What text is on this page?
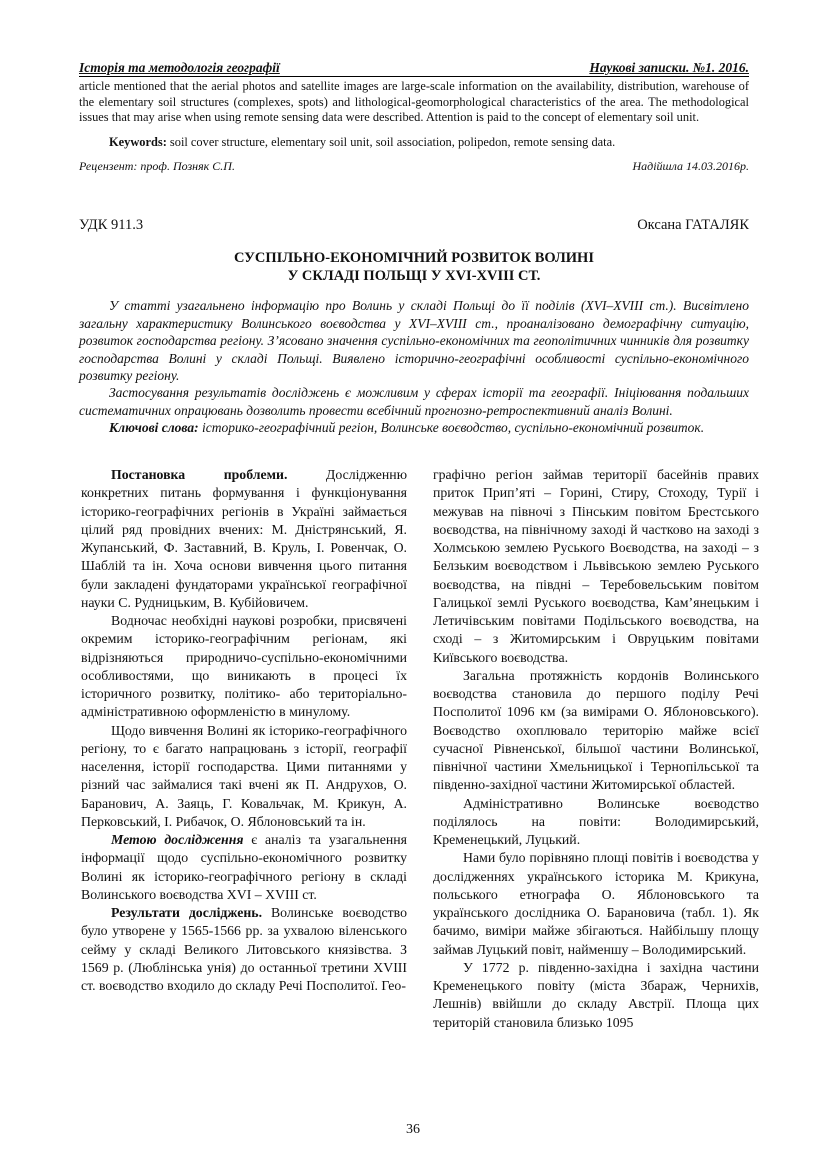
Історія та методологія географії	Наукові записки. №1. 2016.

article mentioned that the aerial photos and satellite images are large-scale information on the availability, distribution, warehouse of the elementary soil structures (complexes, spots) and lithological-geomorphological characteristics of the area. The methodological issues that may arise when using remote sensing data were described. Attention is paid to the concept of elementary soil unit.

Keywords: soil cover structure, elementary soil unit, soil association, polipedon, remote sensing data.

Рецензент: проф. Позняк С.П.	Надійшла 14.03.2016р.
УДК 911.3	Оксана ГАТАЛЯК
СУСПІЛЬНО-ЕКОНОМІЧНИЙ РОЗВИТОК ВОЛИНІ
У СКЛАДІ ПОЛЬЩІ У XVI-XVIII СТ.

У статті узагальнено інформацію про Волинь у складі Польщі до її поділів (XVI–XVIII ст.). Висвітлено загальну характеристику Волинського воєводства у XVI–XVIII ст., проаналізовано демографічну ситуацію, розвиток господарства регіону. З’ясовано значення суспільно-економічних та геополітичних чинників для розвитку господарства Волині у складі Польщі. Виявлено історично-географічні особливості суспільно-економічного розвитку регіону.

Застосування результатів досліджень є можливим у сферах історії та географії. Ініціювання подальших систематичних опрацювань дозволить провести всебічний прогнозно-ретроспективний аналіз Волині.

Ключові слова: історико-географічний регіон, Волинське воєводство, суспільно-економічний розвиток.

Постановка проблеми. Дослідженню конкретних питань формування і функціонування історико-географічних регіонів в Україні займається цілий ряд провідних вчених: М. Дністрянський, Я. Жупанський, Ф. Заставний, В. Круль, І. Ровенчак, О. Шаблій та ін. Хоча основи вивчення цього питання були закладені фундаторами української географічної науки С. Рудницьким, В. Кубійовичем.

Водночас необхідні наукові розробки, присвячені окремим історико-географічним регіонам, які відрізняються природничо-суспільно-економічними особливостями, що виникають в процесі їх історичного розвитку, політико- або територіально-адміністративною оформленістю в минулому.

Щодо вивчення Волині як історико-географічного регіону, то є багато напрацювань з історії, географії населення, історії господарства. Цими питаннями у різний час займалися такі вчені як П. Андрухов, О. Баранович, А. Заяць, Г. Ковальчак, М. Крикун, А. Перковський, І. Рибачок, О. Яблоновський та ін.

Метою дослідження є аналіз та узагальнення інформації щодо суспільно-економічного розвитку Волині як історико-географічного регіону в складі Волинського воєводства XVI – XVIII ст.

Результати досліджень. Волинське воєводство було утворене у 1565-1566 рр. за ухвалою віленського сейму у складі Великого Литовського князівства. З 1569 р. (Люблінська унія) до останньої третини XVIII ст. воєводство входило до складу Речі Посполитої. Гео-

графічно регіон займав території басейнів правих приток Прип’яті – Горині, Стиру, Стоходу, Турії і межував на півночі з Пінським повітом Брестського воєводства, на північному заході й частково на заході з Холмською землею Руського Воєводства, на заході – з Белзьким воєводством і Львівською землею Руського воєводства, на півдні – Теребовельським повітом Галицької землі Руського воєводства, Кам’янецьким і Летичівським повітами Подільського воєводства, на сході – з Житомирським і Овруцьким повітами Київського воєводства.

Загальна протяжність кордонів Волинського воєводства становила до першого поділу Речі Посполитої 1096 км (за вимірами О. Яблоновського). Воєводство охоплювало територію майже всієї сучасної Рівненської, більшої частини Волинської, північної частини Хмельницької і Тернопільської та південно-західної частини Житомирської областей.

Адміністративно Волинське воєводство поділялось на повіти: Володимирський, Кременецький, Луцький.

Нами було порівняно площі повітів і воєводства у дослідженнях українського історика М. Крикуна, польського етнографа О. Яблоновського та українського дослідника О. Барановича (табл. 1). Як бачимо, виміри майже збігаються. Найбільшу площу займав Луцький повіт, найменшу – Володимирський.

У 1772 р. південно-західна і західна частини Кременецького повіту (міста Збараж, Чернихів, Лешнів) ввійшли до складу Австрії. Площа цих територій становила близько 1095

36
